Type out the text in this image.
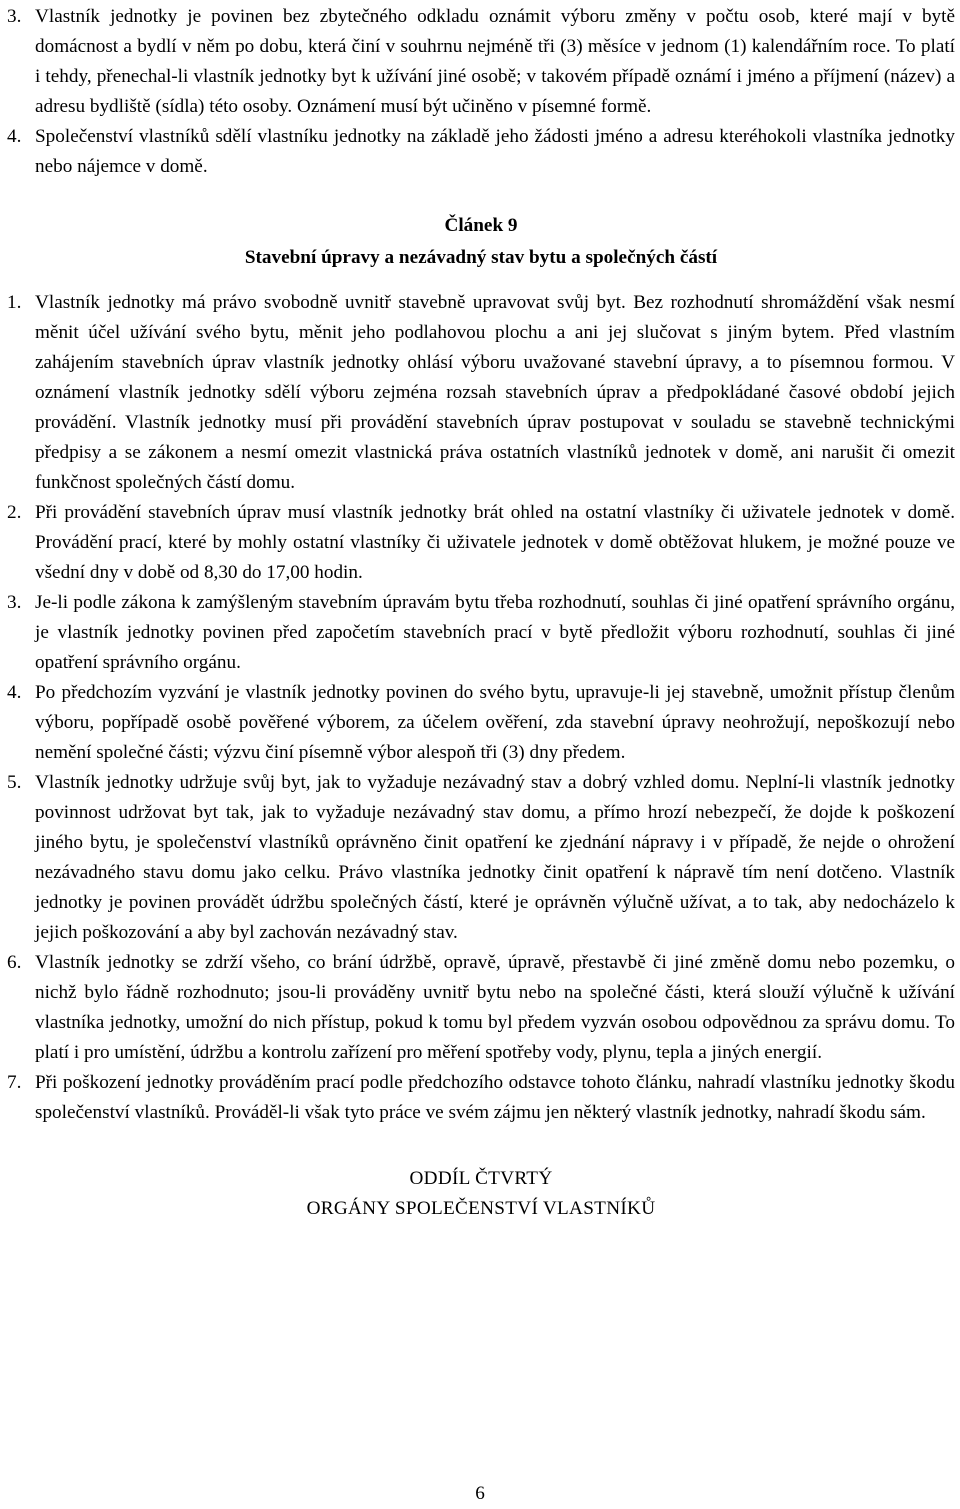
3. Vlastník jednotky je povinen bez zbytečného odkladu oznámit výboru změny v počtu osob, které mají v bytě domácnost a bydlí v něm po dobu, která činí v souhrnu nejméně tři (3) měsíce v jednom (1) kalendářním roce. To platí i tehdy, přenechal-li vlastník jednotky byt k užívání jiné osobě; v takovém případě oznámí i jméno a příjmení (název) a adresu bydliště (sídla) této osoby. Oznámení musí být učiněno v písemné formě.
4. Společenství vlastníků sdělí vlastníku jednotky na základě jeho žádosti jméno a adresu kteréhokoli vlastníka jednotky nebo nájemce v domě.
Článek 9
Stavební úpravy a nezávadný stav bytu a společných částí
1. Vlastník jednotky má právo svobodně uvnitř stavebně upravovat svůj byt. Bez rozhodnutí shromáždění však nesmí měnit účel užívání svého bytu, měnit jeho podlahovou plochu a ani jej slučovat s jiným bytem. Před vlastním zahájením stavebních úprav vlastník jednotky ohlásí výboru uvažované stavební úpravy, a to písemnou formou. V oznámení vlastník jednotky sdělí výboru zejména rozsah stavebních úprav a předpokládané časové období jejich provádění. Vlastník jednotky musí při provádění stavebních úprav postupovat v souladu se stavebně technickými předpisy a se zákonem a nesmí omezit vlastnická práva ostatních vlastníků jednotek v domě, ani narušit či omezit funkčnost společných částí domu.
2. Při provádění stavebních úprav musí vlastník jednotky brát ohled na ostatní vlastníky či uživatele jednotek v domě. Provádění prací, které by mohly ostatní vlastníky či uživatele jednotek v domě obtěžovat hlukem, je možné pouze ve všední dny v době od 8,30 do 17,00 hodin.
3. Je-li podle zákona k zamýšleným stavebním úpravám bytu třeba rozhodnutí, souhlas či jiné opatření správního orgánu, je vlastník jednotky povinen před započetím stavebních prací v bytě předložit výboru rozhodnutí, souhlas či jiné opatření správního orgánu.
4. Po předchozím vyzvání je vlastník jednotky povinen do svého bytu, upravuje-li jej stavebně, umožnit přístup členům výboru, popřípadě osobě pověřené výborem, za účelem ověření, zda stavební úpravy neohrožují, nepoškozují nebo nemění společné části; výzvu činí písemně výbor alespoň tři (3) dny předem.
5. Vlastník jednotky udržuje svůj byt, jak to vyžaduje nezávadný stav a dobrý vzhled domu. Neplní-li vlastník jednotky povinnost udržovat byt tak, jak to vyžaduje nezávadný stav domu, a přímo hrozí nebezpečí, že dojde k poškození jiného bytu, je společenství vlastníků oprávněno činit opatření ke zjednání nápravy i v případě, že nejde o ohrožení nezávadného stavu domu jako celku. Právo vlastníka jednotky činit opatření k nápravě tím není dotčeno. Vlastník jednotky je povinen provádět údržbu společných částí, které je oprávněn výlučně užívat, a to tak, aby nedocházelo k jejich poškozování a aby byl zachován nezávadný stav.
6. Vlastník jednotky se zdrží všeho, co brání údržbě, opravě, úpravě, přestavbě či jiné změně domu nebo pozemku, o nichž bylo řádně rozhodnuto; jsou-li prováděny uvnitř bytu nebo na společné části, která slouží výlučně k užívání vlastníka jednotky, umožní do nich přístup, pokud k tomu byl předem vyzván osobou odpovědnou za správu domu. To platí i pro umístění, údržbu a kontrolu zařízení pro měření spotřeby vody, plynu, tepla a jiných energií.
7. Při poškození jednotky prováděním prací podle předchozího odstavce tohoto článku, nahradí vlastníku jednotky škodu společenství vlastníků. Prováděl-li však tyto práce ve svém zájmu jen některý vlastník jednotky, nahradí škodu sám.
ODDÍL ČTVRTÝ
ORGÁNY SPOLEČENSTVÍ VLASTNÍKŮ
6
